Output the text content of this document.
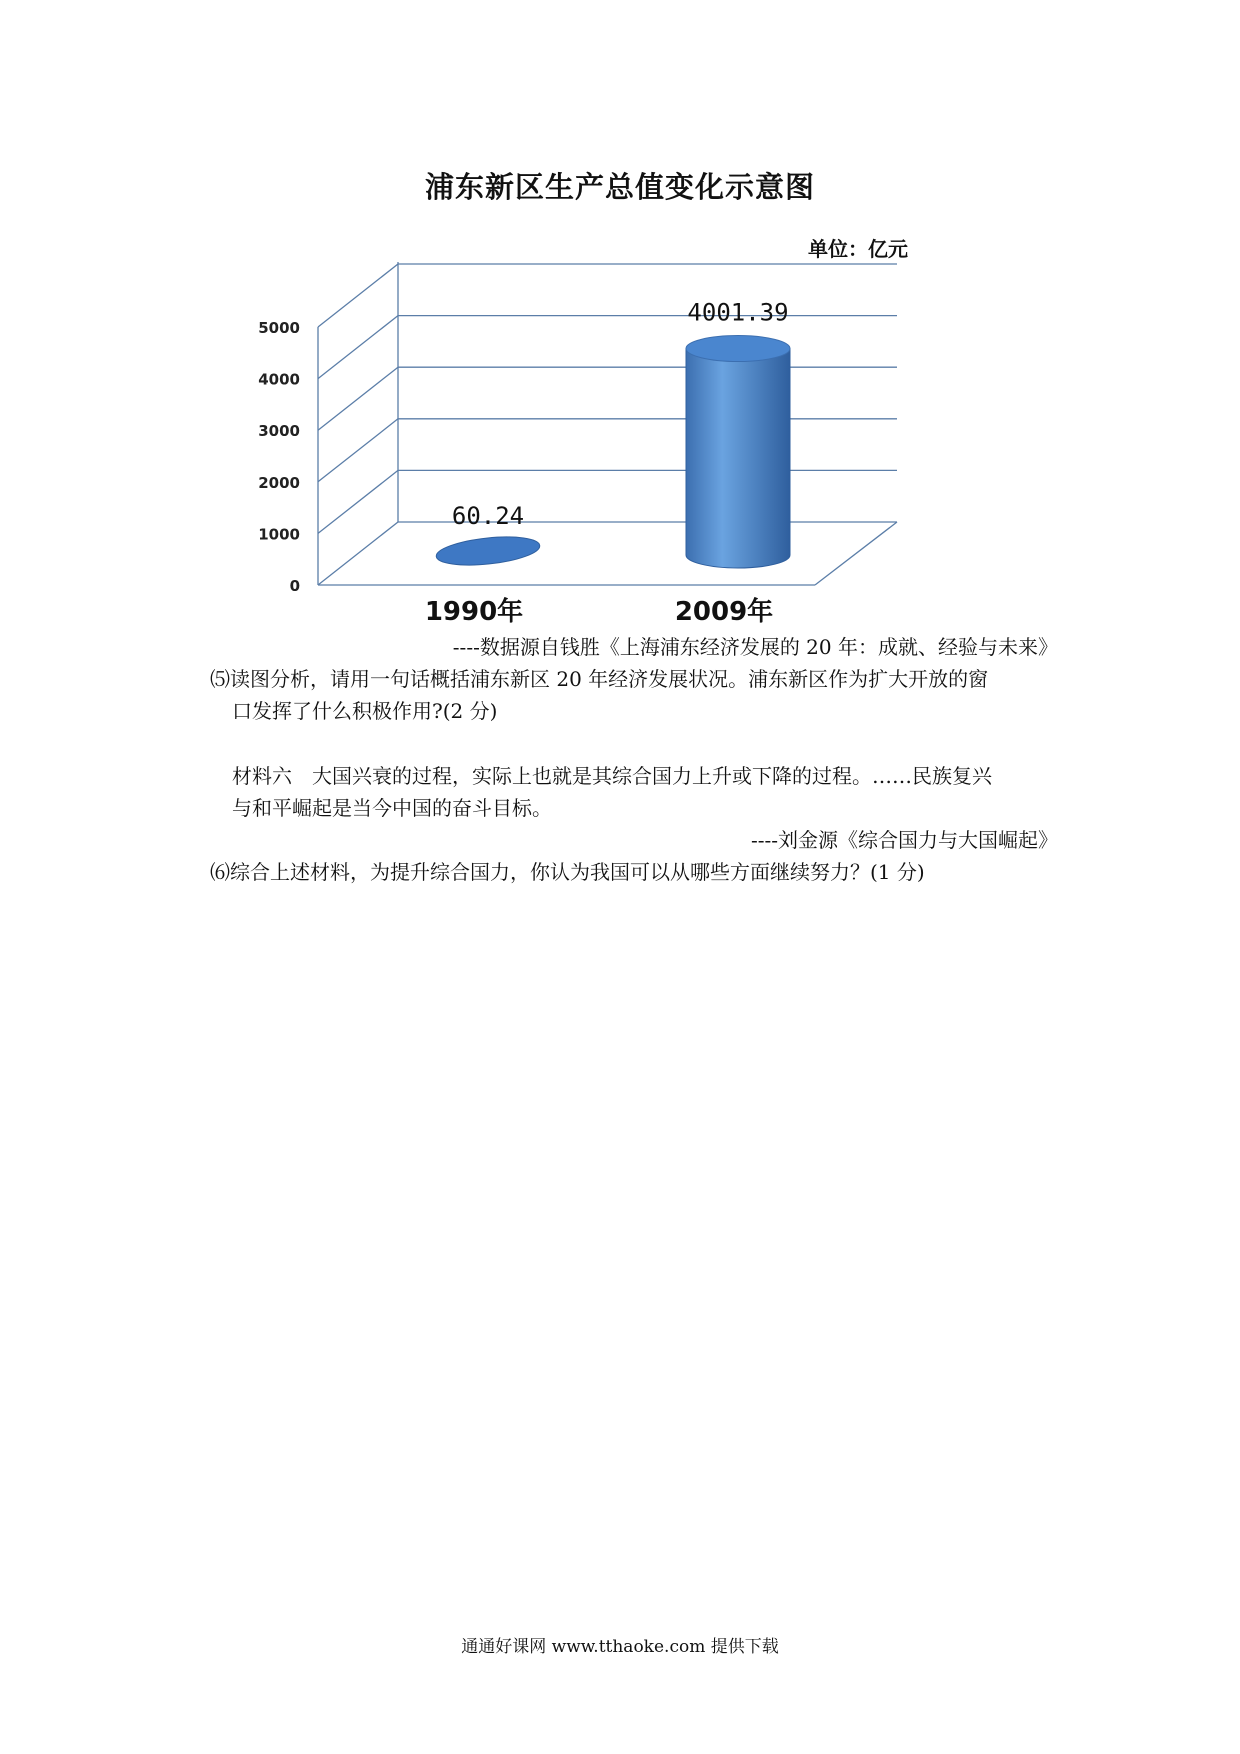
浦东新区生产总值变化示意图
单位：亿元
0
1000
2000
3000
4000
5000
60.24
1990年
4001.39
2009年
----数据源自钱胜《上海浦东经济发展的 20 年：成就、经验与未来》
⑸读图分析，请用一句话概括浦东新区 20 年经济发展状况。浦东新区作为扩大开放的窗
口发挥了什么积极作用?(2 分)
材料六　大国兴衰的过程，实际上也就是其综合国力上升或下降的过程。……民族复兴
与和平崛起是当今中国的奋斗目标。
----刘金源《综合国力与大国崛起》
⑹综合上述材料，为提升综合国力，你认为我国可以从哪些方面继续努力？(1 分)
通通好课网 www.tthaoke.com 提供下载
